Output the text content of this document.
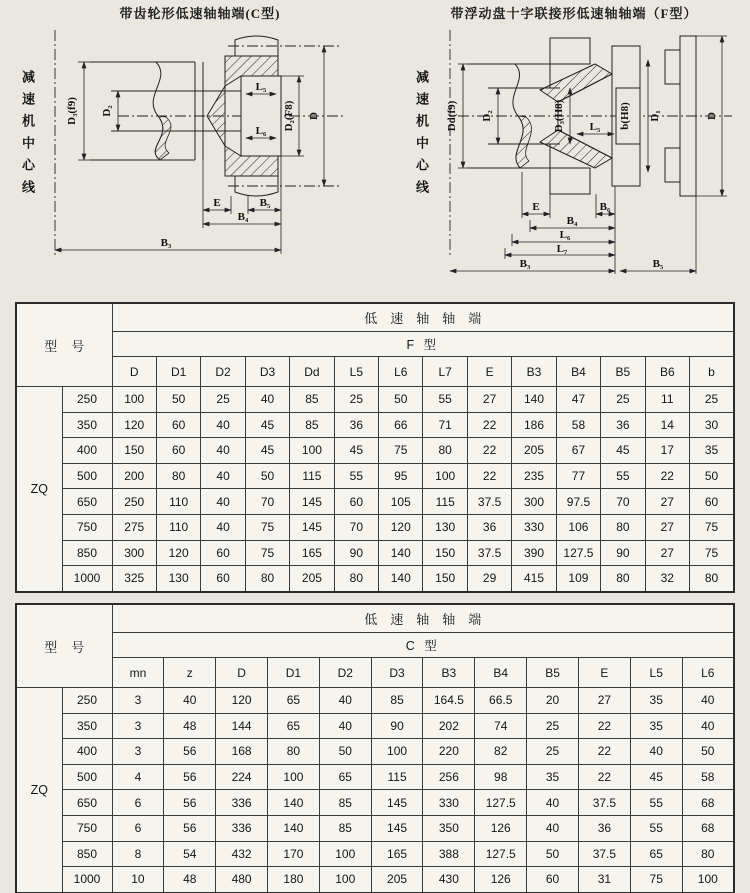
带齿轮形低速轴轴端(C型)
减速机中心线	D₃(f9) D₂
L₅
L₆ D₂(F8) D
E	B₅
B₄
B₃
带浮动盘十字联接形低速轴轴端（F型）
减速机中心线 Dd(f9) D₂	D₃(H8) L₅ b(H8) D₁	D
E	B₆
B₄
L₆
L₇
B₃	B₅
型号		低速轴轴端													
		F 型													
		D	D1	D2	D3	Dd	L5	L6	L7	E	B3	B4	B5	B6	b
ZQ	250	100	50	25	40	85	25	50	55	27	140	47	25	11	25
	350	120	60	40	45	85	36	66	71	22	186	58	36	14	30
	400	150	60	40	45	100	45	75	80	22	205	67	45	17	35
	500	200	80	40	50	115	55	95	100	22	235	77	55	22	50
	650	250	110	40	70	145	60	105	115	37.5	300	97.5	70	27	60
	750	275	110	40	75	145	70	120	130	36	330	106	80	27	75
	850	300	120	60	75	165	90	140	150	37.5	390	127.5	90	27	75
	1000	325	130	60	80	205	80	140	150	29	415	109	80	32	80
型号		低速轴轴端											
		C 型											
		mn	z	D	D1	D2	D3	B3	B4	B5	E	L5	L6
ZQ	250	3	40	120	65	40	85	164.5	66.5	20	27	35	40
	350	3	48	144	65	40	90	202	74	25	22	35	40
	400	3	56	168	80	50	100	220	82	25	22	40	50
	500	4	56	224	100	65	115	256	98	35	22	45	58
	650	6	56	336	140	85	145	330	127.5	40	37.5	55	68
	750	6	56	336	140	85	145	350	126	40	36	55	68
	850	8	54	432	170	100	165	388	127.5	50	37.5	65	80
	1000	10	48	480	180	100	205	430	126	60	31	75	100
